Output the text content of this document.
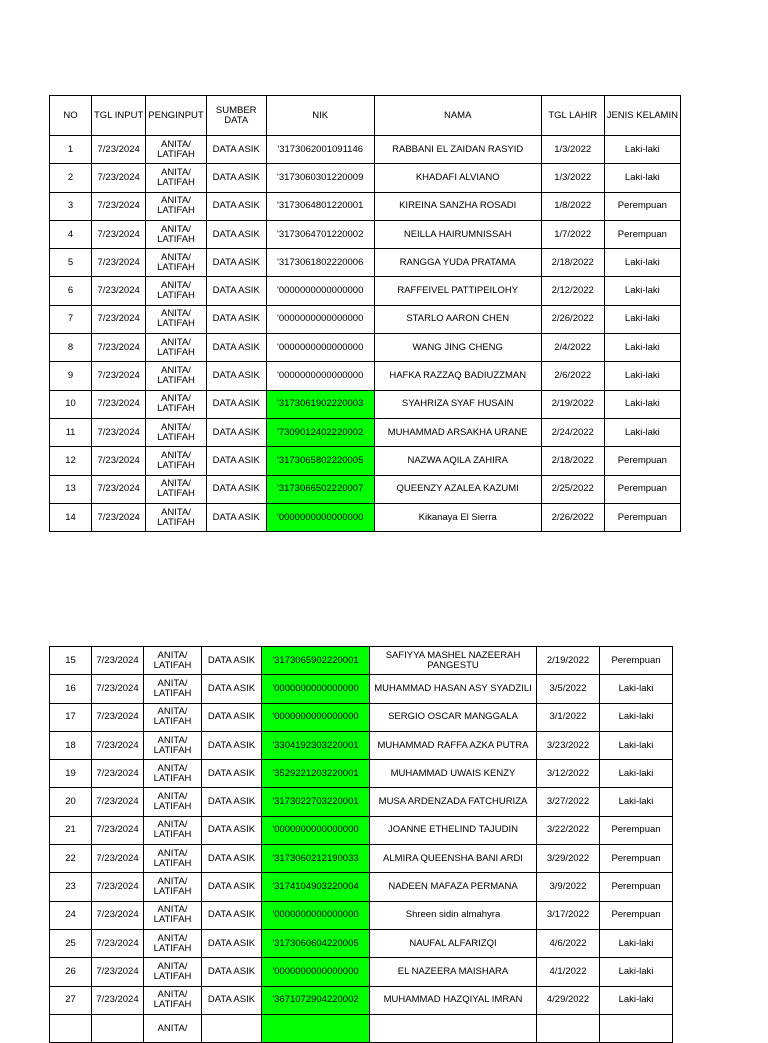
NO	TGL INPUT	PENGINPUT	SUMBER DATA	NIK	NAMA	TGL LAHIR	JENIS KELAMIN
1	7/23/2024	ANITA/ LATIFAH	DATA ASIK	'3173062001091146	RABBANI EL ZAIDAN RASYID	1/3/2022	Laki-laki
2	7/23/2024	ANITA/ LATIFAH	DATA ASIK	'3173060301220009	KHADAFI ALVIANO	1/3/2022	Laki-laki
3	7/23/2024	ANITA/ LATIFAH	DATA ASIK	'3173064801220001	KIREINA SANZHA ROSADI	1/8/2022	Perempuan
4	7/23/2024	ANITA/ LATIFAH	DATA ASIK	'3173064701220002	NEILLA HAIRUMNISSAH	1/7/2022	Perempuan
5	7/23/2024	ANITA/ LATIFAH	DATA ASIK	'3173061802220006	RANGGA YUDA PRATAMA	2/18/2022	Laki-laki
6	7/23/2024	ANITA/ LATIFAH	DATA ASIK	'0000000000000000	RAFFEIVEL PATTIPEILOHY	2/12/2022	Laki-laki
7	7/23/2024	ANITA/ LATIFAH	DATA ASIK	'0000000000000000	STARLO AARON CHEN	2/26/2022	Laki-laki
8	7/23/2024	ANITA/ LATIFAH	DATA ASIK	'0000000000000000	WANG JING CHENG	2/4/2022	Laki-laki
9	7/23/2024	ANITA/ LATIFAH	DATA ASIK	'0000000000000000	HAFKA RAZZAQ BADIUZZMAN	2/6/2022	Laki-laki
10	7/23/2024	ANITA/ LATIFAH	DATA ASIK	'3173061902220003	SYAHRIZA SYAF HUSAIN	2/19/2022	Laki-laki
11	7/23/2024	ANITA/ LATIFAH	DATA ASIK	'7309012402220002	MUHAMMAD ARSAKHA URANE	2/24/2022	Laki-laki
12	7/23/2024	ANITA/ LATIFAH	DATA ASIK	'3173065802220005	NAZWA AQILA ZAHIRA	2/18/2022	Perempuan
13	7/23/2024	ANITA/ LATIFAH	DATA ASIK	'3173066502220007	QUEENZY AZALEA KAZUMI	2/25/2022	Perempuan
14	7/23/2024	ANITA/ LATIFAH	DATA ASIK	'0000000000000000	Kikanaya El Sierra	2/26/2022	Perempuan
15	7/23/2024	ANITA/ LATIFAH	DATA ASIK	'3173065902220001	SAFIYYA MASHEL NAZEERAH PANGESTU	2/19/2022	Perempuan
16	7/23/2024	ANITA/ LATIFAH	DATA ASIK	'0000000000000000	MUHAMMAD HASAN ASY SYADZILI	3/5/2022	Laki-laki
17	7/23/2024	ANITA/ LATIFAH	DATA ASIK	'0000000000000000	SERGIO OSCAR MANGGALA	3/1/2022	Laki-laki
18	7/23/2024	ANITA/ LATIFAH	DATA ASIK	'3304192303220001	MUHAMMAD RAFFA AZKA PUTRA	3/23/2022	Laki-laki
19	7/23/2024	ANITA/ LATIFAH	DATA ASIK	'3529221203220001	MUHAMMAD UWAIS KENZY	3/12/2022	Laki-laki
20	7/23/2024	ANITA/ LATIFAH	DATA ASIK	'3173022703220001	MUSA ARDENZADA FATCHURIZA	3/27/2022	Laki-laki
21	7/23/2024	ANITA/ LATIFAH	DATA ASIK	'0000000000000000	JOANNE ETHELIND TAJUDIN	3/22/2022	Perempuan
22	7/23/2024	ANITA/ LATIFAH	DATA ASIK	'3173060212190033	ALMIRA QUEENSHA BANI ARDI	3/29/2022	Perempuan
23	7/23/2024	ANITA/ LATIFAH	DATA ASIK	'3174104903220004	NADEEN MAFAZA PERMANA	3/9/2022	Perempuan
24	7/23/2024	ANITA/ LATIFAH	DATA ASIK	'0000000000000000	Shreen sidin almahyra	3/17/2022	Perempuan
25	7/23/2024	ANITA/ LATIFAH	DATA ASIK	'3173060604220005	NAUFAL ALFARIZQI	4/6/2022	Laki-laki
26	7/23/2024	ANITA/ LATIFAH	DATA ASIK	'0000000000000000	EL NAZEERA MAISHARA	4/1/2022	Laki-laki
27	7/23/2024	ANITA/ LATIFAH	DATA ASIK	'3671072904220002	MUHAMMAD HAZQIYAL IMRAN	4/29/2022	Laki-laki
		ANITA/					
